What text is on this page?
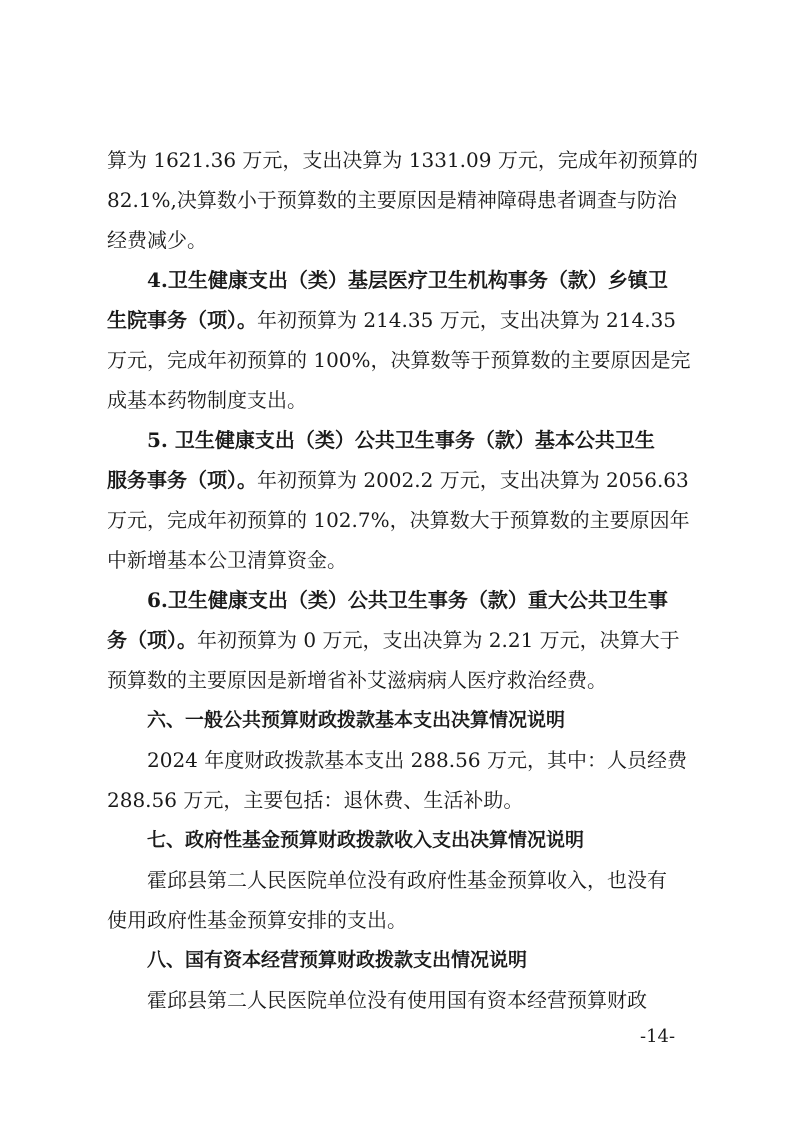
算为 1621.36 万元，支出决算为 1331.09 万元，完成年初预算的
82.1%,决算数小于预算数的主要原因是精神障碍患者调查与防治
经费减少。
4.卫生健康支出（类）基层医疗卫生机构事务（款）乡镇卫
生院事务（项）。年初预算为 214.35 万元，支出决算为 214.35
万元，完成年初预算的 100%，决算数等于预算数的主要原因是完
成基本药物制度支出。
5. 卫生健康支出（类）公共卫生事务（款）基本公共卫生
服务事务（项）。年初预算为 2002.2 万元，支出决算为 2056.63
万元，完成年初预算的 102.7%，决算数大于预算数的主要原因年
中新增基本公卫清算资金。
6.卫生健康支出（类）公共卫生事务（款）重大公共卫生事
务（项）。年初预算为 0 万元，支出决算为 2.21 万元，决算大于
预算数的主要原因是新增省补艾滋病病人医疗救治经费。
六、一般公共预算财政拨款基本支出决算情况说明
2024 年度财政拨款基本支出 288.56 万元，其中：人员经费
288.56 万元，主要包括：退休费、生活补助。
七、政府性基金预算财政拨款收入支出决算情况说明
霍邱县第二人民医院单位没有政府性基金预算收入，也没有
使用政府性基金预算安排的支出。
八、国有资本经营预算财政拨款支出情况说明
霍邱县第二人民医院单位没有使用国有资本经营预算财政
-14-
